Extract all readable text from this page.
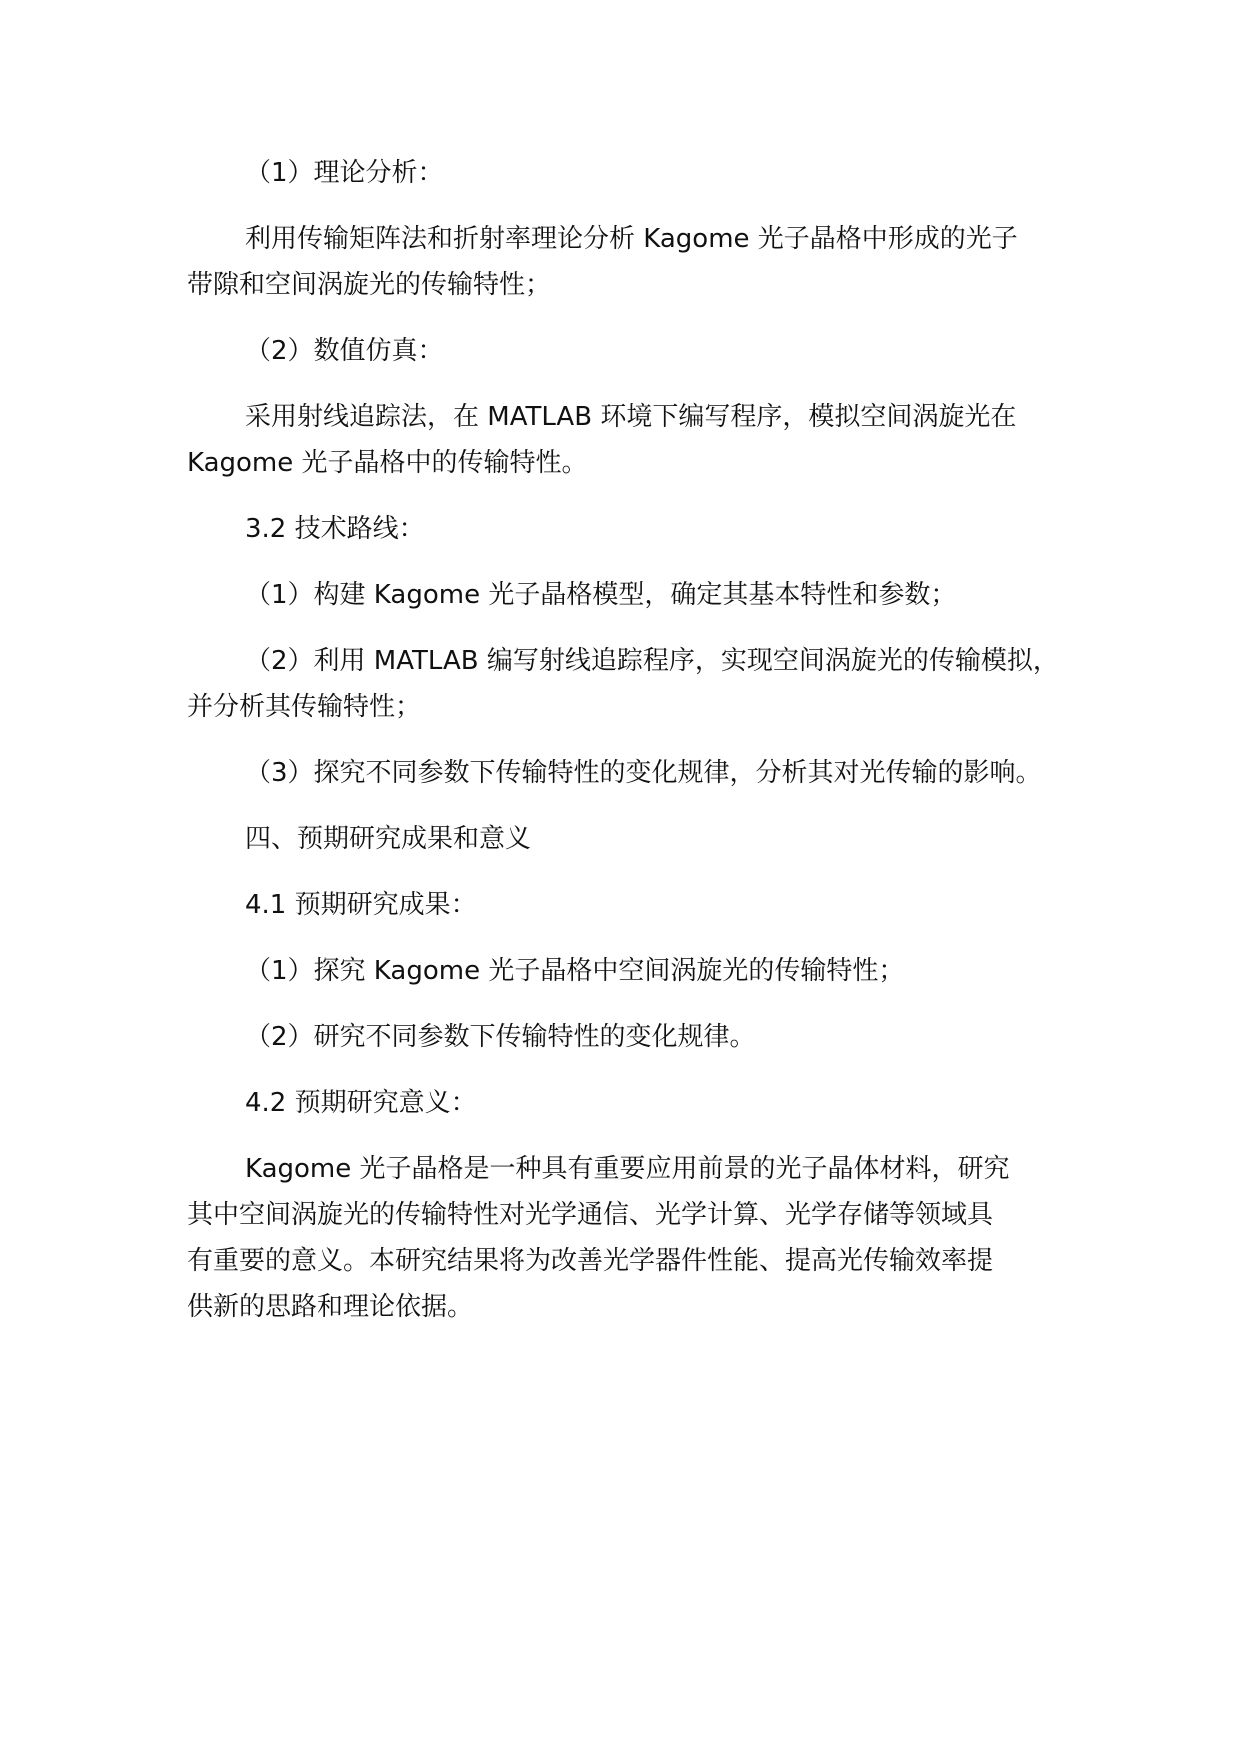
（1）理论分析：

利用传输矩阵法和折射率理论分析 Kagome 光子晶格中形成的光子

带隙和空间涡旋光的传输特性；

（2）数值仿真：

采用射线追踪法，在 MATLAB 环境下编写程序，模拟空间涡旋光在

Kagome 光子晶格中的传输特性。

3.2 技术路线：

（1）构建 Kagome 光子晶格模型，确定其基本特性和参数；

（2）利用 MATLAB 编写射线追踪程序，实现空间涡旋光的传输模拟，

并分析其传输特性；

（3）探究不同参数下传输特性的变化规律，分析其对光传输的影响。

四、预期研究成果和意义

4.1 预期研究成果：

（1）探究 Kagome 光子晶格中空间涡旋光的传输特性；

（2）研究不同参数下传输特性的变化规律。

4.2 预期研究意义：

Kagome 光子晶格是一种具有重要应用前景的光子晶体材料，研究

其中空间涡旋光的传输特性对光学通信、光学计算、光学存储等领域具

有重要的意义。本研究结果将为改善光学器件性能、提高光传输效率提

供新的思路和理论依据。
